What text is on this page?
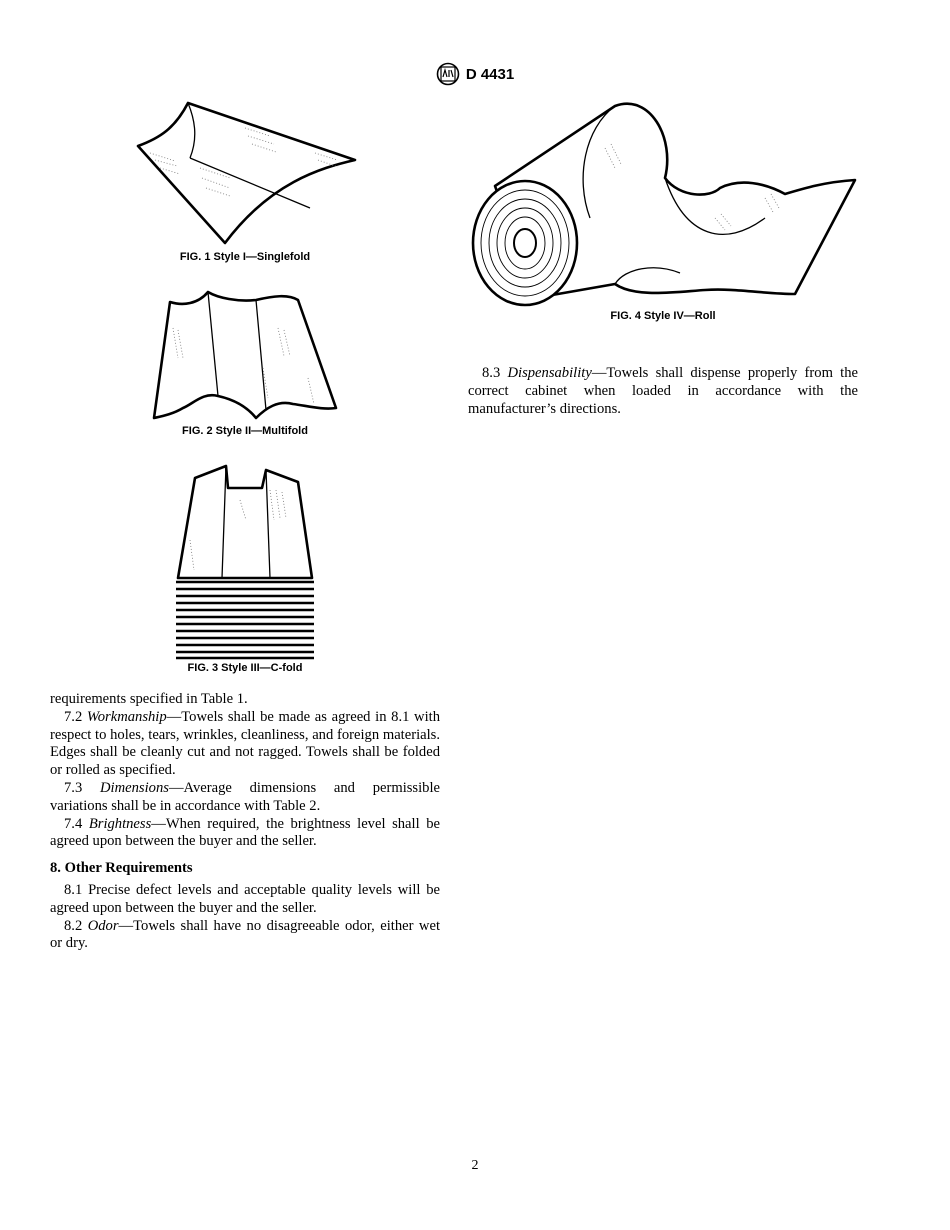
D 4431
FIG. 1 Style I—Singlefold
FIG. 2 Style II—Multifold
FIG. 3 Style III—C-fold
FIG. 4 Style IV—Roll

requirements specified in Table 1.

7.2 Workmanship—Towels shall be made as agreed in 8.1 with respect to holes, tears, wrinkles, cleanliness, and foreign materials. Edges shall be cleanly cut and not ragged. Towels shall be folded or rolled as specified.

7.3 Dimensions—Average dimensions and permissible variations shall be in accordance with Table 2.

7.4 Brightness—When required, the brightness level shall be agreed upon between the buyer and the seller.

8. Other Requirements

8.1 Precise defect levels and acceptable quality levels will be agreed upon between the buyer and the seller.

8.2 Odor—Towels shall have no disagreeable odor, either wet or dry.

8.3 Dispensability—Towels shall dispense properly from the correct cabinet when loaded in accordance with the manufacturer’s directions.

2
